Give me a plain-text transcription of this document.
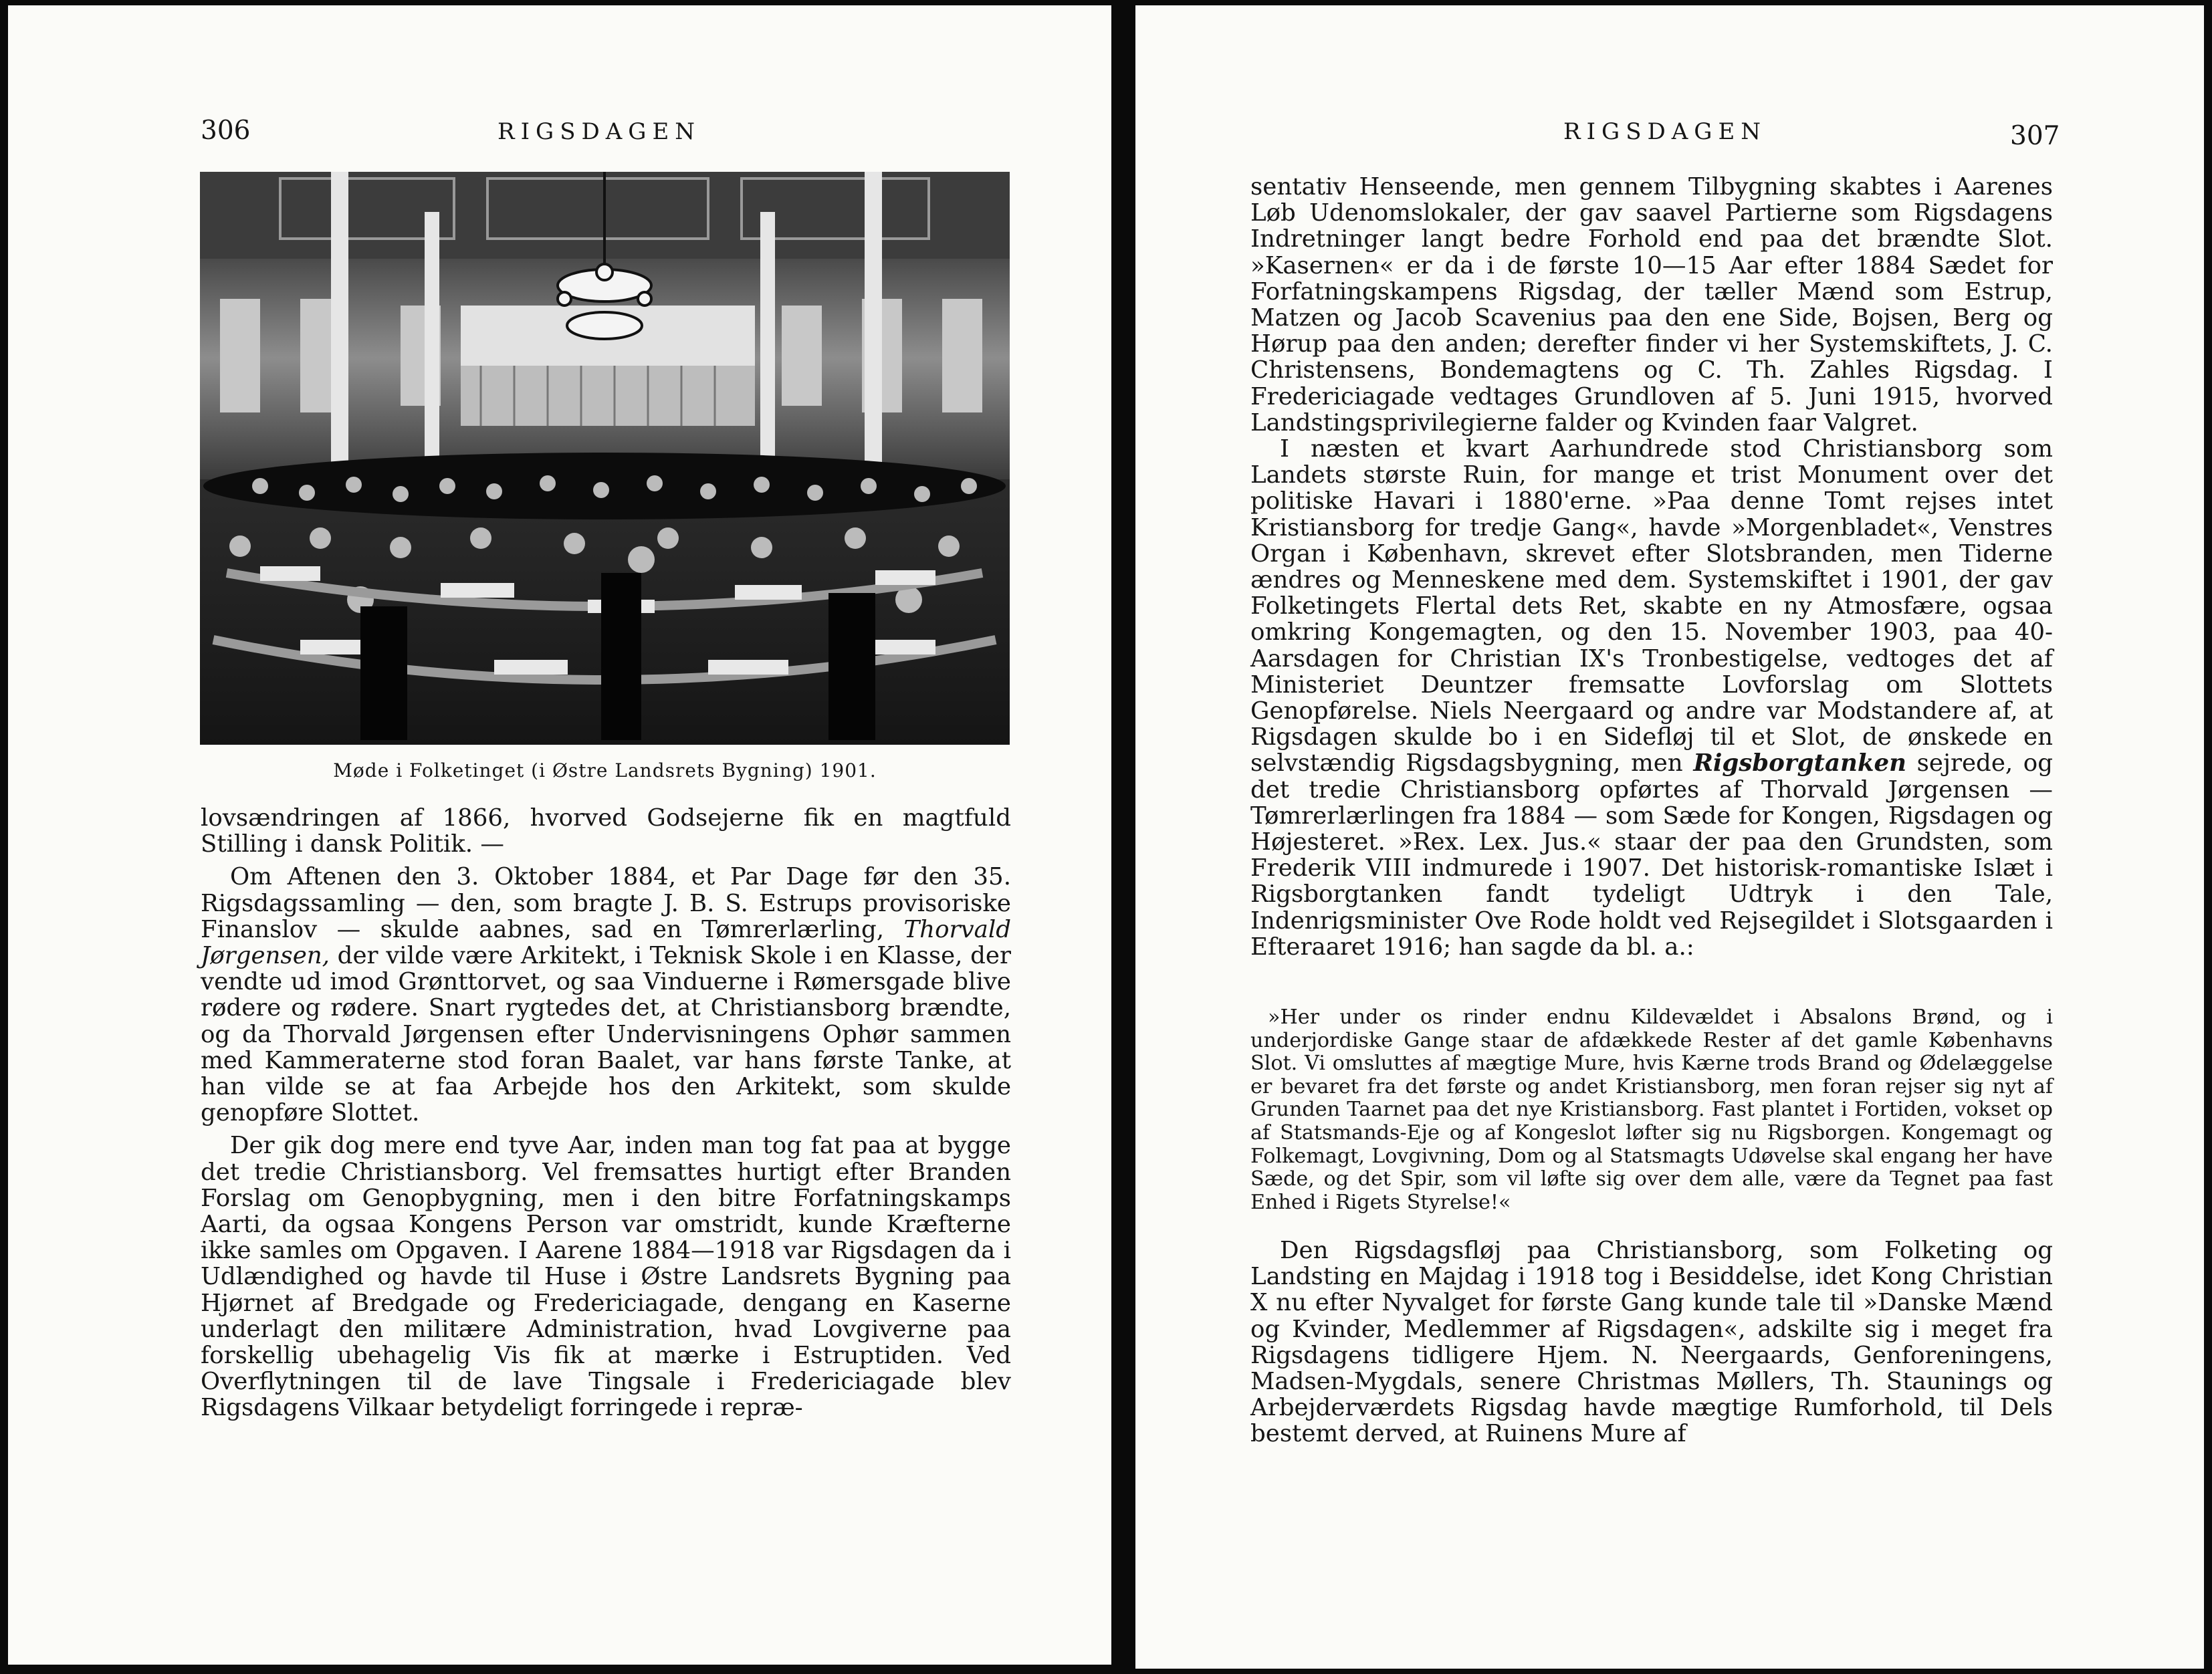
306	RIGSDAGEN
Møde i Folketinget (i Østre Landsrets Bygning) 1901.

lovsændringen af 1866, hvorved Godsejerne fik en magtfuld Stilling i dansk Politik. —

Om Aftenen den 3. Oktober 1884, et Par Dage før den 35. Rigsdagssamling — den, som bragte J. B. S. Estrups provisoriske Finanslov — skulde aabnes, sad en Tømrerlærling, Thorvald Jørgensen, der vilde være Arkitekt, i Teknisk Skole i en Klasse, der vendte ud imod Grønttorvet, og saa Vinduerne i Rømersgade blive rødere og rødere. Snart rygtedes det, at Christiansborg brændte, og da Thorvald Jørgensen efter Undervisningens Ophør sammen med Kammeraterne stod foran Baalet, var hans første Tanke, at han vilde se at faa Arbejde hos den Arkitekt, som skulde genopføre Slottet.

Der gik dog mere end tyve Aar, inden man tog fat paa at bygge det tredie Christiansborg. Vel fremsattes hurtigt efter Branden Forslag om Genopbygning, men i den bitre Forfatningskamps Aarti, da ogsaa Kongens Person var omstridt, kunde Kræfterne ikke samles om Opgaven. I Aarene 1884—1918 var Rigsdagen da i Udlændighed og havde til Huse i Østre Landsrets Bygning paa Hjørnet af Bredgade og Fredericiagade, dengang en Kaserne underlagt den militære Administration, hvad Lovgiverne paa forskellig ubehagelig Vis fik at mærke i Estruptiden. Ved Overflytningen til de lave Tingsale i Fredericiagade blev Rigsdagens Vilkaar betydeligt forringede i repræ-

RIGSDAGEN	307

sentativ Henseende, men gennem Tilbygning skabtes i Aarenes Løb Udenomslokaler, der gav saavel Partierne som Rigsdagens Indretninger langt bedre Forhold end paa det brændte Slot. »Kasernen« er da i de første 10—15 Aar efter 1884 Sædet for Forfatningskampens Rigsdag, der tæller Mænd som Estrup, Matzen og Jacob Scavenius paa den ene Side, Bojsen, Berg og Hørup paa den anden; derefter finder vi her Systemskiftets, J. C. Christensens, Bondemagtens og C. Th. Zahles Rigsdag. I Fredericiagade vedtages Grundloven af 5. Juni 1915, hvorved Landstingsprivilegierne falder og Kvinden faar Valgret.

I næsten et kvart Aarhundrede stod Christiansborg som Landets største Ruin, for mange et trist Monument over det politiske Havari i 1880'erne. »Paa denne Tomt rejses intet Kristiansborg for tredje Gang«, havde »Morgenbladet«, Venstres Organ i København, skrevet efter Slotsbranden, men Tiderne ændres og Menneskene med dem. Systemskiftet i 1901, der gav Folketingets Flertal dets Ret, skabte en ny Atmosfære, ogsaa omkring Kongemagten, og den 15. November 1903, paa 40-Aarsdagen for Christian IX's Tronbestigelse, vedtoges det af Ministeriet Deuntzer fremsatte Lovforslag om Slottets Genopførelse. Niels Neergaard og andre var Modstandere af, at Rigsdagen skulde bo i en Sidefløj til et Slot, de ønskede en selvstændig Rigsdagsbygning, men Rigsborgtanken sejrede, og det tredie Christiansborg opførtes af Thorvald Jørgensen — Tømrerlærlingen fra 1884 — som Sæde for Kongen, Rigsdagen og Højesteret. »Rex. Lex. Jus.« staar der paa den Grundsten, som Frederik VIII indmurede i 1907. Det historisk-romantiske Islæt i Rigsborgtanken fandt tydeligt Udtryk i den Tale, Indenrigsminister Ove Rode holdt ved Rejsegildet i Slotsgaarden i Efteraaret 1916; han sagde da bl. a.:

»Her under os rinder endnu Kildevældet i Absalons Brønd, og i underjordiske Gange staar de afdækkede Rester af det gamle Københavns Slot. Vi omsluttes af mægtige Mure, hvis Kærne trods Brand og Ødelæggelse er bevaret fra det første og andet Kristiansborg, men foran rejser sig nyt af Grunden Taarnet paa det nye Kristiansborg. Fast plantet i Fortiden, vokset op af Statsmands-Eje og af Kongeslot løfter sig nu Rigsborgen. Kongemagt og Folkemagt, Lovgivning, Dom og al Statsmagts Udøvelse skal engang her have Sæde, og det Spir, som vil løfte sig over dem alle, være da Tegnet paa fast Enhed i Rigets Styrelse!«

Den Rigsdagsfløj paa Christiansborg, som Folketing og Landsting en Majdag i 1918 tog i Besiddelse, idet Kong Christian X nu efter Nyvalget for første Gang kunde tale til »Danske Mænd og Kvinder, Medlemmer af Rigsdagen«, adskilte sig i meget fra Rigsdagens tidligere Hjem. N. Neergaards, Genforeningens, Madsen-Mygdals, senere Christmas Møllers, Th. Staunings og Arbejderværdets Rigsdag havde mægtige Rumforhold, til Dels bestemt derved, at Ruinens Mure af
